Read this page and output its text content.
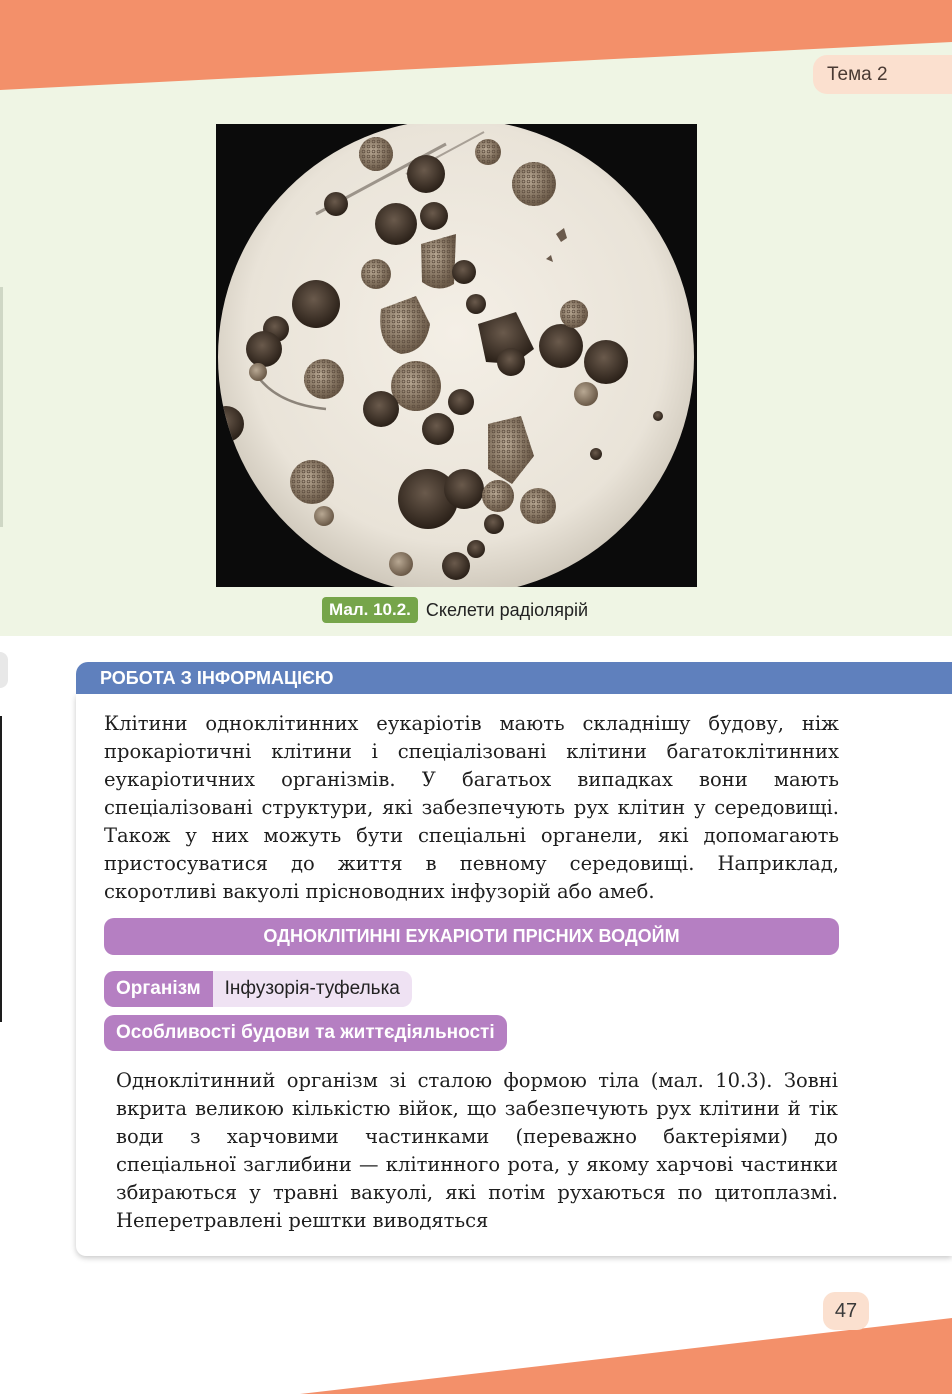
Тема 2
Мал. 10.2. Скелети радіолярій
РОБОТА З ІНФОРМАЦІЄЮ
Клітини одноклітинних еукаріотів мають складнішу будову, ніж прокаріотичні клітини і спеціалізовані клітини багатоклітинних еукаріотичних організмів. У багатьох випадках вони мають спеціалізовані структури, які забезпечують рух клітин у середовищі. Також у них можуть бути спеціальні органели, які допомагають пристосуватися до життя в певному середовищі. Наприклад, скоротливі вакуолі прісноводних інфузорій або амеб.
ОДНОКЛІТИННІ ЕУКАРІОТИ ПРІСНИХ ВОДОЙМ
Організм	Інфузорія-туфелька
Особливості будови та життєдіяльності
Одноклітинний організм зі сталою формою тіла (мал. 10.3). Зовні вкрита великою кількістю війок, що забезпечують рух клітини й тік води з харчовими частинками (переважно бактеріями) до спеціальної заглибини — клітинного рота, у якому харчові частинки збираються у травні вакуолі, які потім рухаються по цитоплазмі. Неперетравлені рештки виводяться
47
